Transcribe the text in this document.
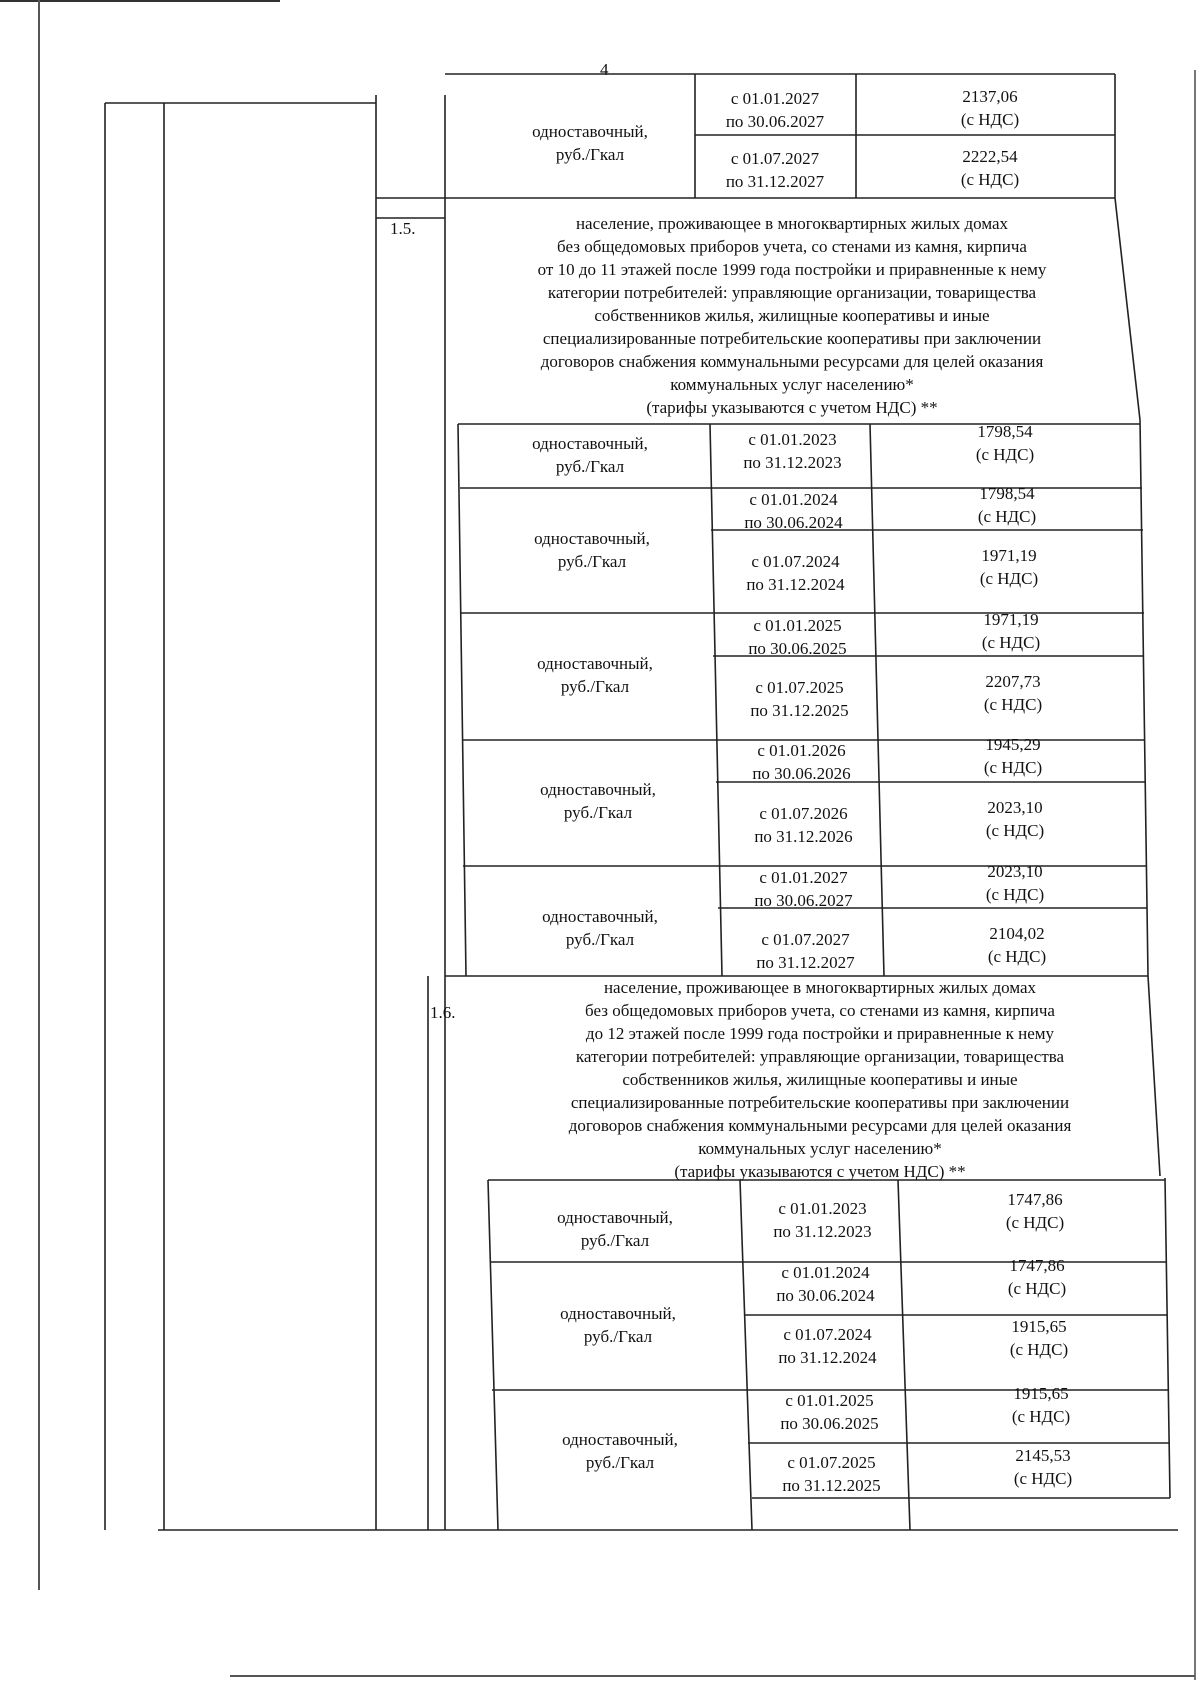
4
одноставочный,
руб./Гкал
с 01.01.2027
по 30.06.2027
2137,06
(с НДС)
с 01.07.2027
по 31.12.2027
2222,54
(с НДС)
1.5.	население, проживающее в многоквартирных жилых домах
без общедомовых приборов учета, со стенами из камня, кирпича
от 10 до 11 этажей после 1999 года постройки и приравненные к нему
категории потребителей: управляющие организации, товарищества
собственников жилья, жилищные кооперативы и иные
специализированные потребительские кооперативы при заключении
договоров снабжения коммунальными ресурсами для целей оказания
коммунальных услуг населению*
(тарифы указываются с учетом НДС) **
одноставочный,
руб./Гкал
с 01.01.2023
по 31.12.2023
1798,54
(с НДС)
одноставочный,
руб./Гкал
с 01.01.2024
по 30.06.2024
1798,54
(с НДС)
с 01.07.2024
по 31.12.2024
1971,19
(с НДС)
одноставочный,
руб./Гкал
с 01.01.2025
по 30.06.2025
1971,19
(с НДС)
с 01.07.2025
по 31.12.2025
2207,73
(с НДС)
одноставочный,
руб./Гкал
с 01.01.2026
по 30.06.2026
1945,29
(с НДС)
с 01.07.2026
по 31.12.2026
2023,10
(с НДС)
одноставочный,
руб./Гкал
с 01.01.2027
по 30.06.2027
2023,10
(с НДС)
с 01.07.2027
по 31.12.2027
2104,02
(с НДС)
1.6.
население, проживающее в многоквартирных жилых домах
без общедомовых приборов учета, со стенами из камня, кирпича
до 12 этажей после 1999 года постройки и приравненные к нему
категории потребителей: управляющие организации, товарищества
собственников жилья, жилищные кооперативы и иные
специализированные потребительские кооперативы при заключении
договоров снабжения коммунальными ресурсами для целей оказания
коммунальных услуг населению*
(тарифы указываются с учетом НДС) **
одноставочный,
руб./Гкал
с 01.01.2023
по 31.12.2023
1747,86
(с НДС)
одноставочный,
руб./Гкал
с 01.01.2024
по 30.06.2024
1747,86
(с НДС)
с 01.07.2024
по 31.12.2024
1915,65
(с НДС)
одноставочный,
руб./Гкал
с 01.01.2025
по 30.06.2025
1915,65
(с НДС)
с 01.07.2025
по 31.12.2025
2145,53
(с НДС)
